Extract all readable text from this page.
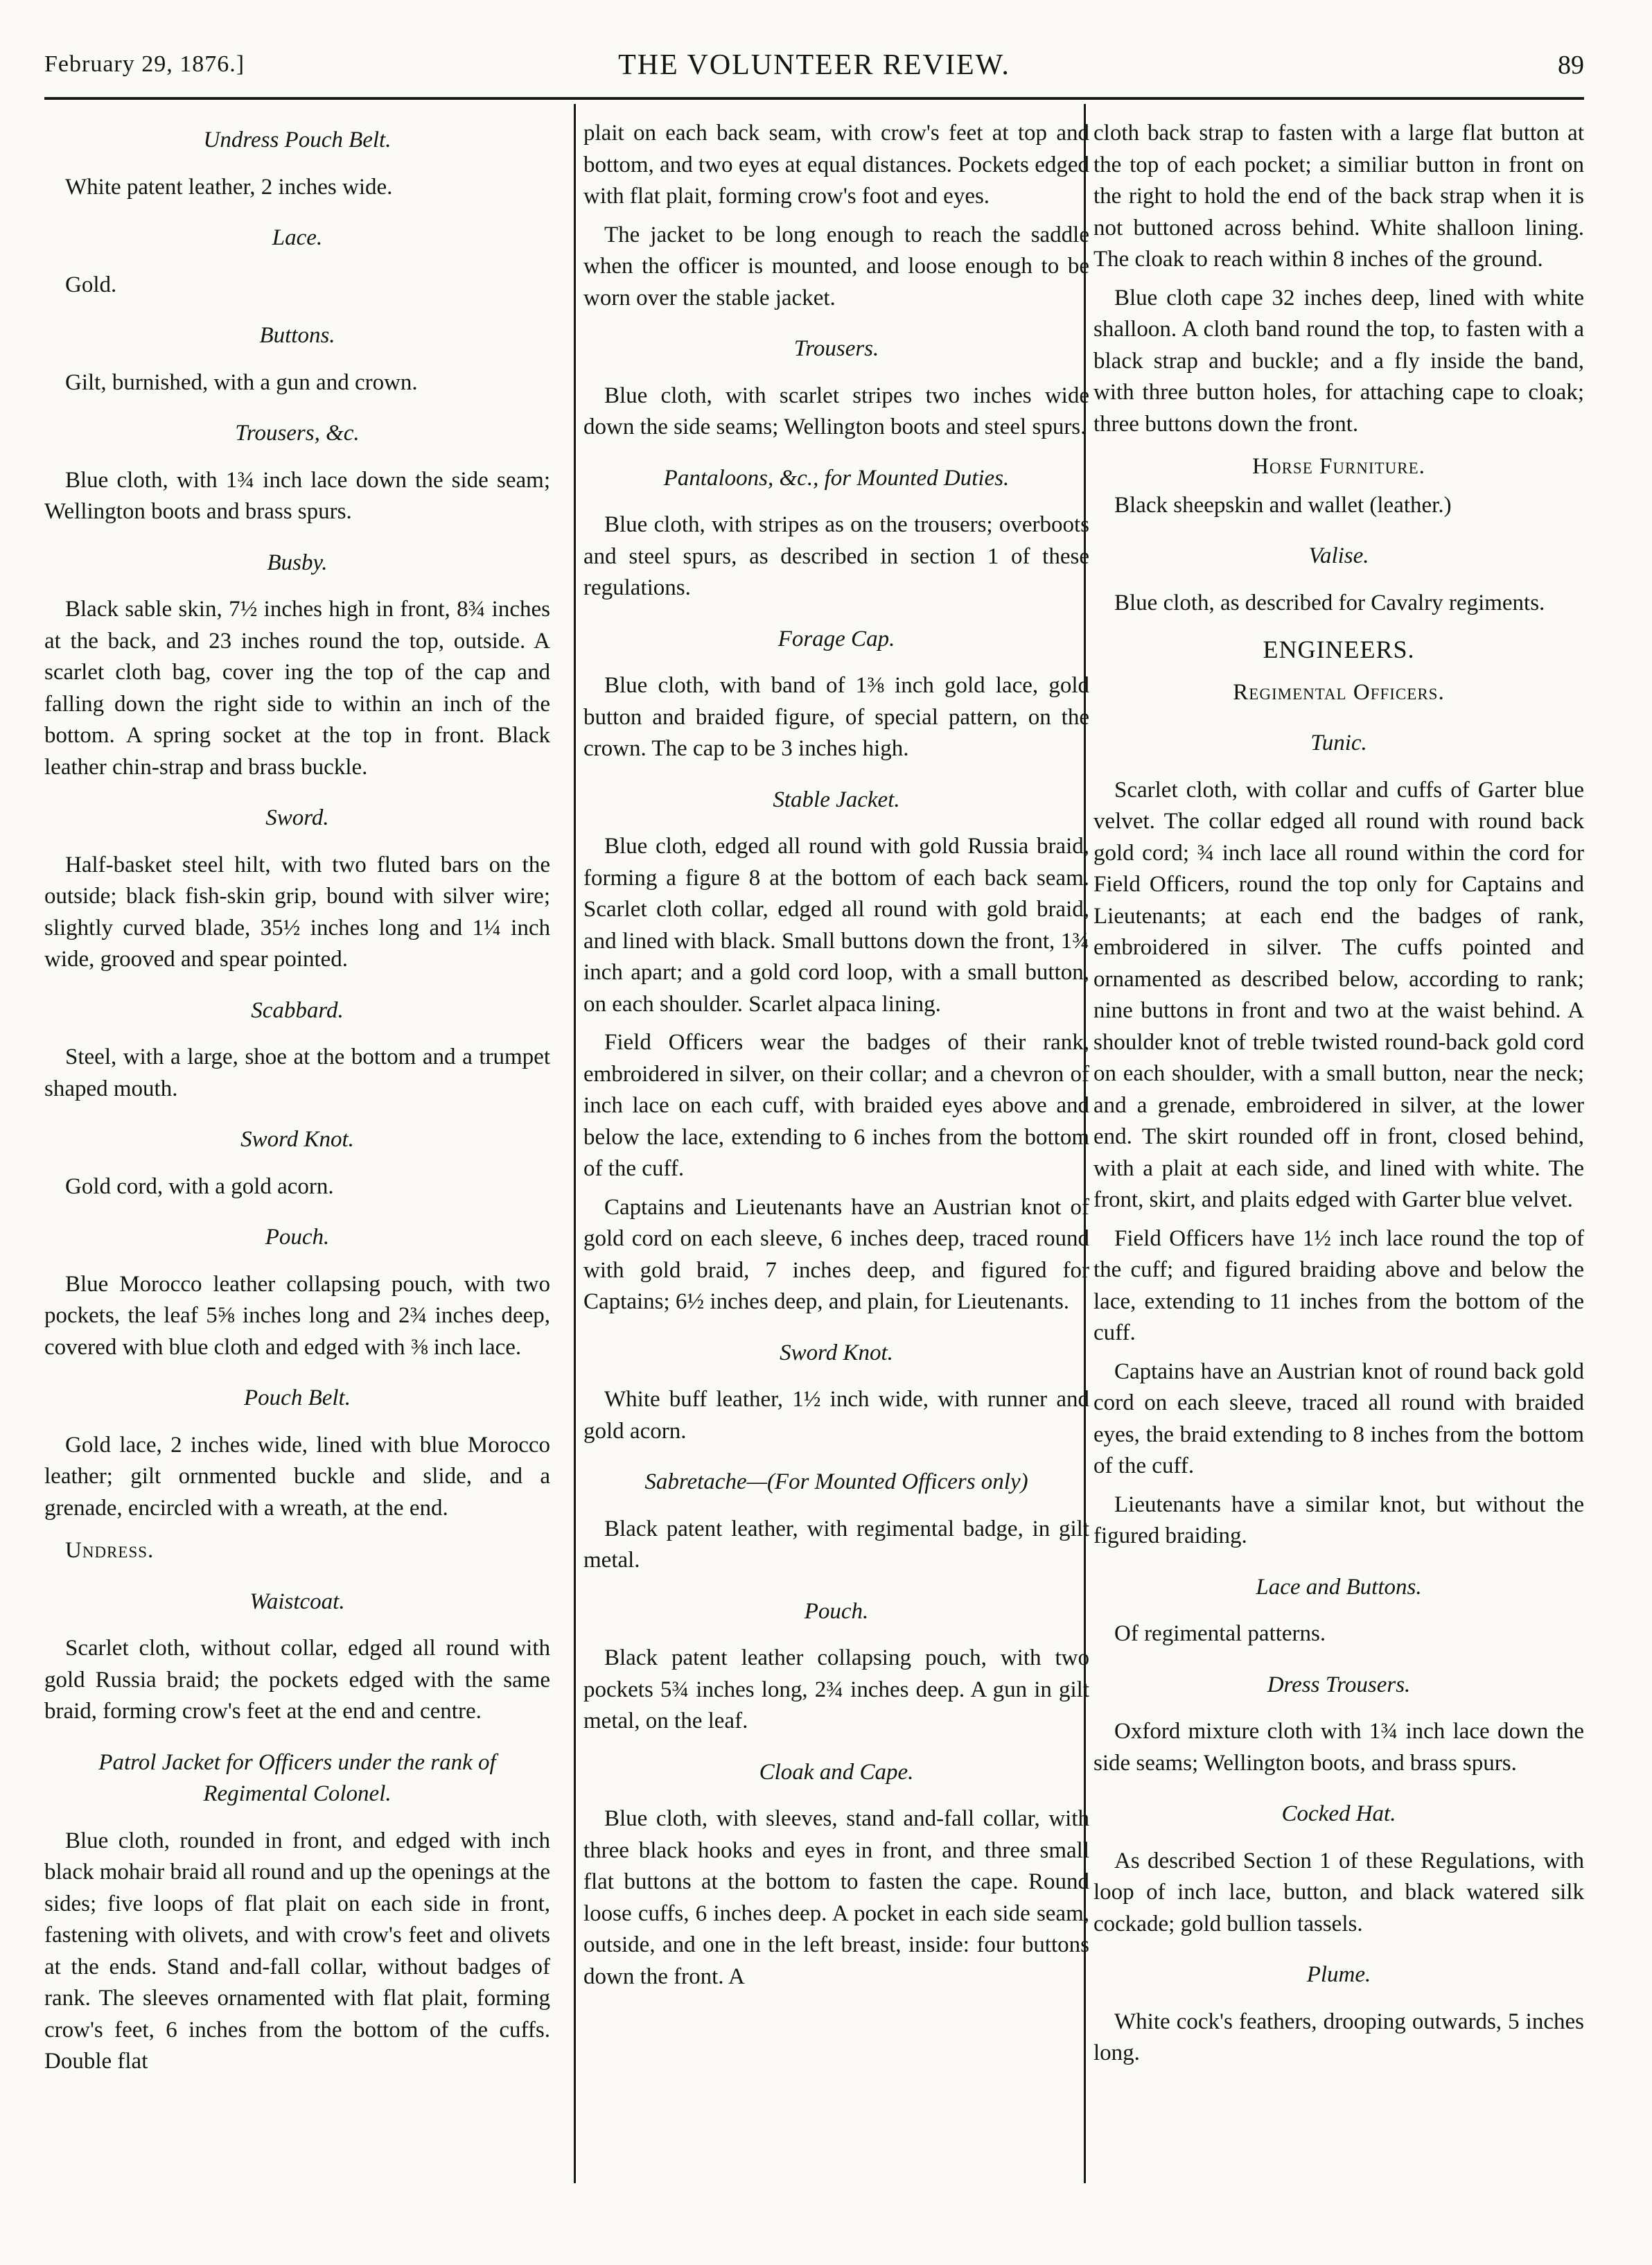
February 29, 1876.]	THE VOLUNTEER REVIEW.	89
Undress Pouch Belt.

White patent leather, 2 inches wide.

Lace.

Gold.

Buttons.

Gilt, burnished, with a gun and crown.

Trousers, &c.

Blue cloth, with 1¾ inch lace down the side seam; Wellington boots and brass spurs.

Busby.

Black sable skin, 7½ inches high in front, 8¾ inches at the back, and 23 inches round the top, outside. A scarlet cloth bag, cover ing the top of the cap and falling down the right side to within an inch of the bottom. A spring socket at the top in front. Black leather chin-strap and brass buckle.

Sword.

Half-basket steel hilt, with two fluted bars on the outside; black fish-skin grip, bound with silver wire; slightly curved blade, 35½ inches long and 1¼ inch wide, grooved and spear pointed.

Scabbard.

Steel, with a large, shoe at the bottom and a trumpet shaped mouth.

Sword Knot.

Gold cord, with a gold acorn.

Pouch.

Blue Morocco leather collapsing pouch, with two pockets, the leaf 5⅝ inches long and 2¾ inches deep, covered with blue cloth and edged with ⅜ inch lace.

Pouch Belt.

Gold lace, 2 inches wide, lined with blue Morocco leather; gilt ornmented buckle and slide, and a grenade, encircled with a wreath, at the end.

Undress.
Waistcoat.

Scarlet cloth, without collar, edged all round with gold Russia braid; the pockets edged with the same braid, forming crow's feet at the end and centre.

Patrol Jacket for Officers under the rank of Regimental Colonel.

Blue cloth, rounded in front, and edged with inch black mohair braid all round and up the openings at the sides; five loops of flat plait on each side in front, fastening with olivets, and with crow's feet and olivets at the ends. Stand and-fall collar, without badges of rank. The sleeves ornamented with flat plait, forming crow's feet, 6 inches from the bottom of the cuffs. Double flat

plait on each back seam, with crow's feet at top and bottom, and two eyes at equal distances. Pockets edged with flat plait, forming crow's foot and eyes.

The jacket to be long enough to reach the saddle when the officer is mounted, and loose enough to be worn over the stable jacket.

Trousers.

Blue cloth, with scarlet stripes two inches wide down the side seams; Wellington boots and steel spurs.

Pantaloons, &c., for Mounted Duties.

Blue cloth, with stripes as on the trousers; overboots and steel spurs, as described in section 1 of these regulations.

Forage Cap.

Blue cloth, with band of 1⅜ inch gold lace, gold button and braided figure, of special pattern, on the crown. The cap to be 3 inches high.

Stable Jacket.

Blue cloth, edged all round with gold Russia braid, forming a figure 8 at the bottom of each back seam. Scarlet cloth collar, edged all round with gold braid, and lined with black. Small buttons down the front, 1¾ inch apart; and a gold cord loop, with a small button, on each shoulder. Scarlet alpaca lining.

Field Officers wear the badges of their rank, embroidered in silver, on their collar; and a chevron of inch lace on each cuff, with braided eyes above and below the lace, extending to 6 inches from the bottom of the cuff.

Captains and Lieutenants have an Austrian knot of gold cord on each sleeve, 6 inches deep, traced round with gold braid, 7 inches deep, and figured for Captains; 6½ inches deep, and plain, for Lieutenants.

Sword Knot.

White buff leather, 1½ inch wide, with runner and gold acorn.

Sabretache—(For Mounted Officers only)

Black patent leather, with regimental badge, in gilt metal.

Pouch.

Black patent leather collapsing pouch, with two pockets 5¾ inches long, 2¾ inches deep. A gun in gilt metal, on the leaf.

Cloak and Cape.

Blue cloth, with sleeves, stand and-fall collar, with three black hooks and eyes in front, and three small flat buttons at the bottom to fasten the cape. Round loose cuffs, 6 inches deep. A pocket in each side seam, outside, and one in the left breast, inside: four buttons down the front. A

cloth back strap to fasten with a large flat button at the top of each pocket; a similiar button in front on the right to hold the end of the back strap when it is not buttoned across behind. White shalloon lining. The cloak to reach within 8 inches of the ground.

Blue cloth cape 32 inches deep, lined with white shalloon. A cloth band round the top, to fasten with a black strap and buckle; and a fly inside the band, with three button holes, for attaching cape to cloak; three buttons down the front.

Horse Furniture.

Black sheepskin and wallet (leather.)

Valise.

Blue cloth, as described for Cavalry regiments.

ENGINEERS.
Regimental Officers.
Tunic.

Scarlet cloth, with collar and cuffs of Garter blue velvet. The collar edged all round with round back gold cord; ¾ inch lace all round within the cord for Field Officers, round the top only for Captains and Lieutenants; at each end the badges of rank, embroidered in silver. The cuffs pointed and ornamented as described below, according to rank; nine buttons in front and two at the waist behind. A shoulder knot of treble twisted round-back gold cord on each shoulder, with a small button, near the neck; and a grenade, embroidered in silver, at the lower end. The skirt rounded off in front, closed behind, with a plait at each side, and lined with white. The front, skirt, and plaits edged with Garter blue velvet.

Field Officers have 1½ inch lace round the top of the cuff; and figured braiding above and below the lace, extending to 11 inches from the bottom of the cuff.

Captains have an Austrian knot of round back gold cord on each sleeve, traced all round with braided eyes, the braid extending to 8 inches from the bottom of the cuff.

Lieutenants have a similar knot, but without the figured braiding.

Lace and Buttons.

Of regimental patterns.

Dress Trousers.

Oxford mixture cloth with 1¾ inch lace down the side seams; Wellington boots, and brass spurs.

Cocked Hat.

As described Section 1 of these Regulations, with loop of inch lace, button, and black watered silk cockade; gold bullion tassels.

Plume.

White cock's feathers, drooping outwards, 5 inches long.
